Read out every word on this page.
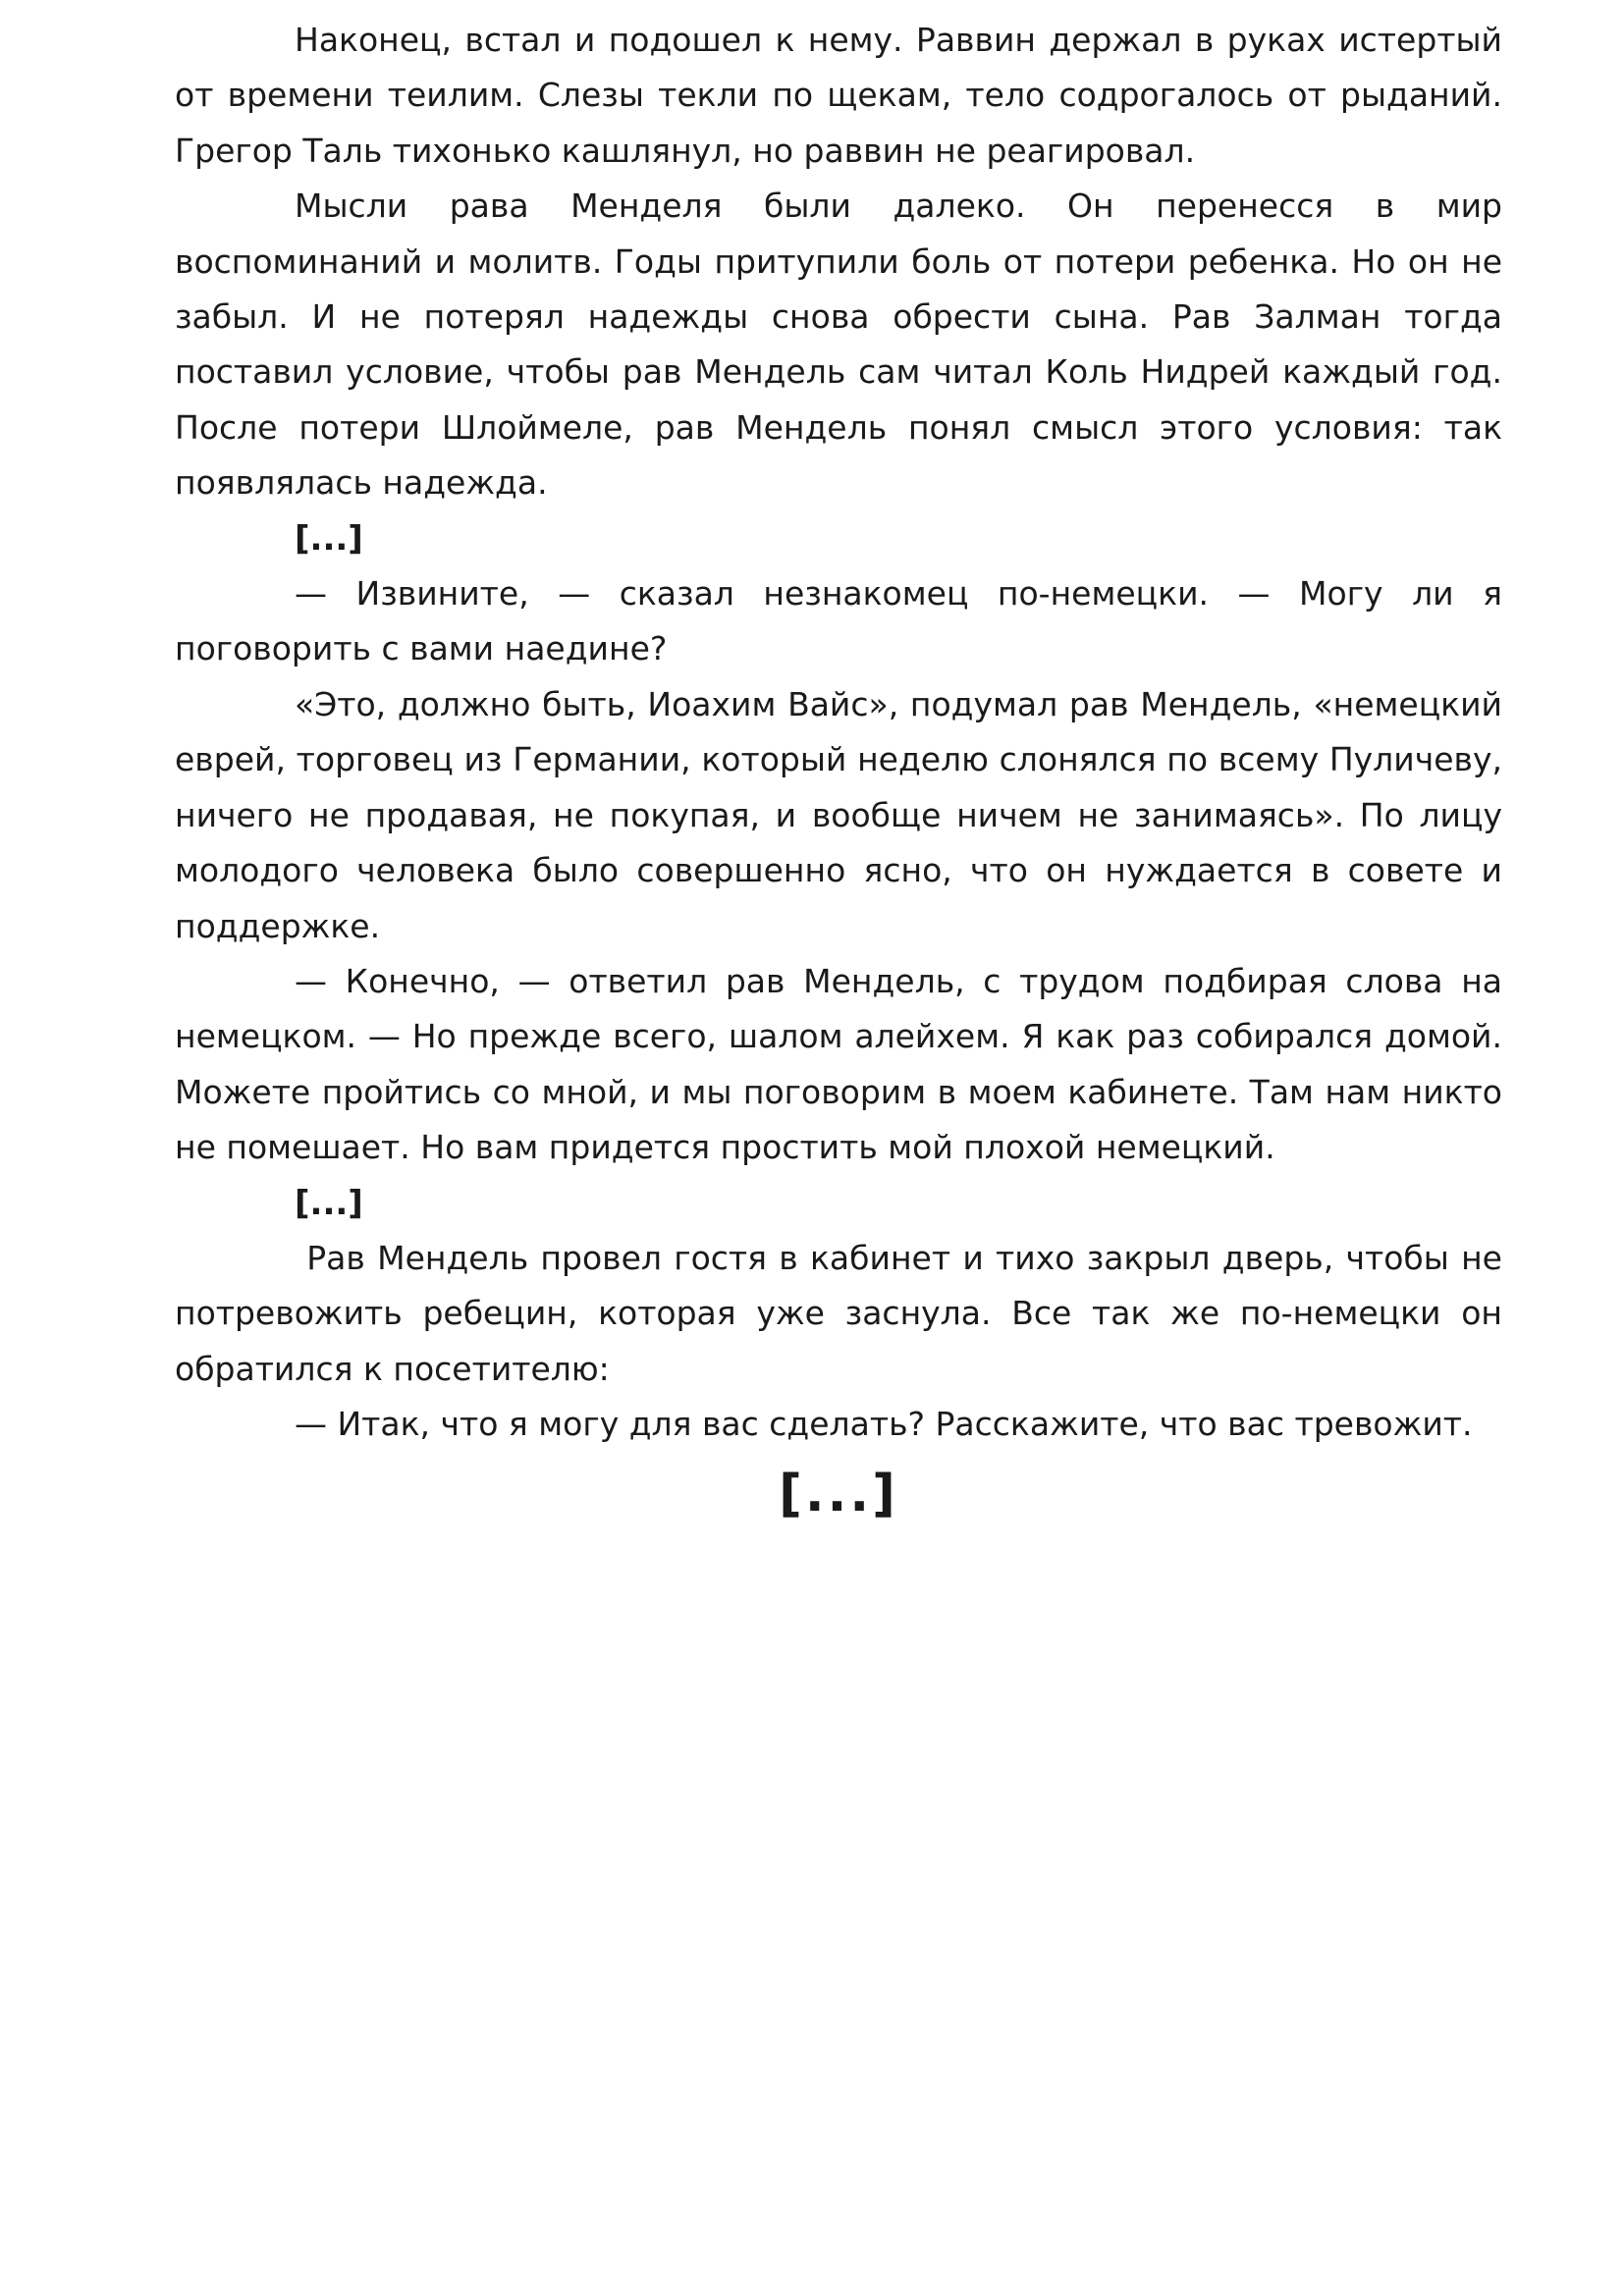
Наконец, встал и подошел к нему. Раввин держал в руках истертый от времени теилим. Слезы текли по щекам, тело содрогалось от рыданий. Грегор Таль тихонько кашлянул, но раввин не реагировал.

Мысли рава Менделя были далеко. Он перенесся в мир воспоминаний и молитв. Годы притупили боль от потери ребенка. Но он не забыл. И не потерял надежды снова обрести сына. Рав Залман тогда поставил условие, чтобы рав Мендель сам читал Коль Нидрей каждый год. После потери Шлоймеле, рав Мендель понял смысл этого условия: так появлялась надежда.

[...]

— Извините, — сказал незнакомец по-немецки. — Могу ли я поговорить с вами наедине?

«Это, должно быть, Иоахим Вайс», подумал рав Мендель, «немецкий еврей, торговец из Германии, который неделю слонялся по всему Пуличеву, ничего не продавая, не покупая, и вообще ничем не занимаясь». По лицу молодого человека было совершенно ясно, что он нуждается в совете и поддержке.

— Конечно, — ответил рав Мендель, с трудом подбирая слова на немецком. — Но прежде всего, шалом алейхем. Я как раз собирался домой. Можете пройтись со мной, и мы поговорим в моем кабинете. Там нам никто не помешает. Но вам придется простить мой плохой немецкий.

[...]

Рав Мендель провел гостя в кабинет и тихо закрыл дверь, чтобы не потревожить ребецин, которая уже заснула. Все так же по-немецки он обратился к посетителю:

— Итак, что я могу для вас сделать? Расскажите, что вас тревожит.

[...]
